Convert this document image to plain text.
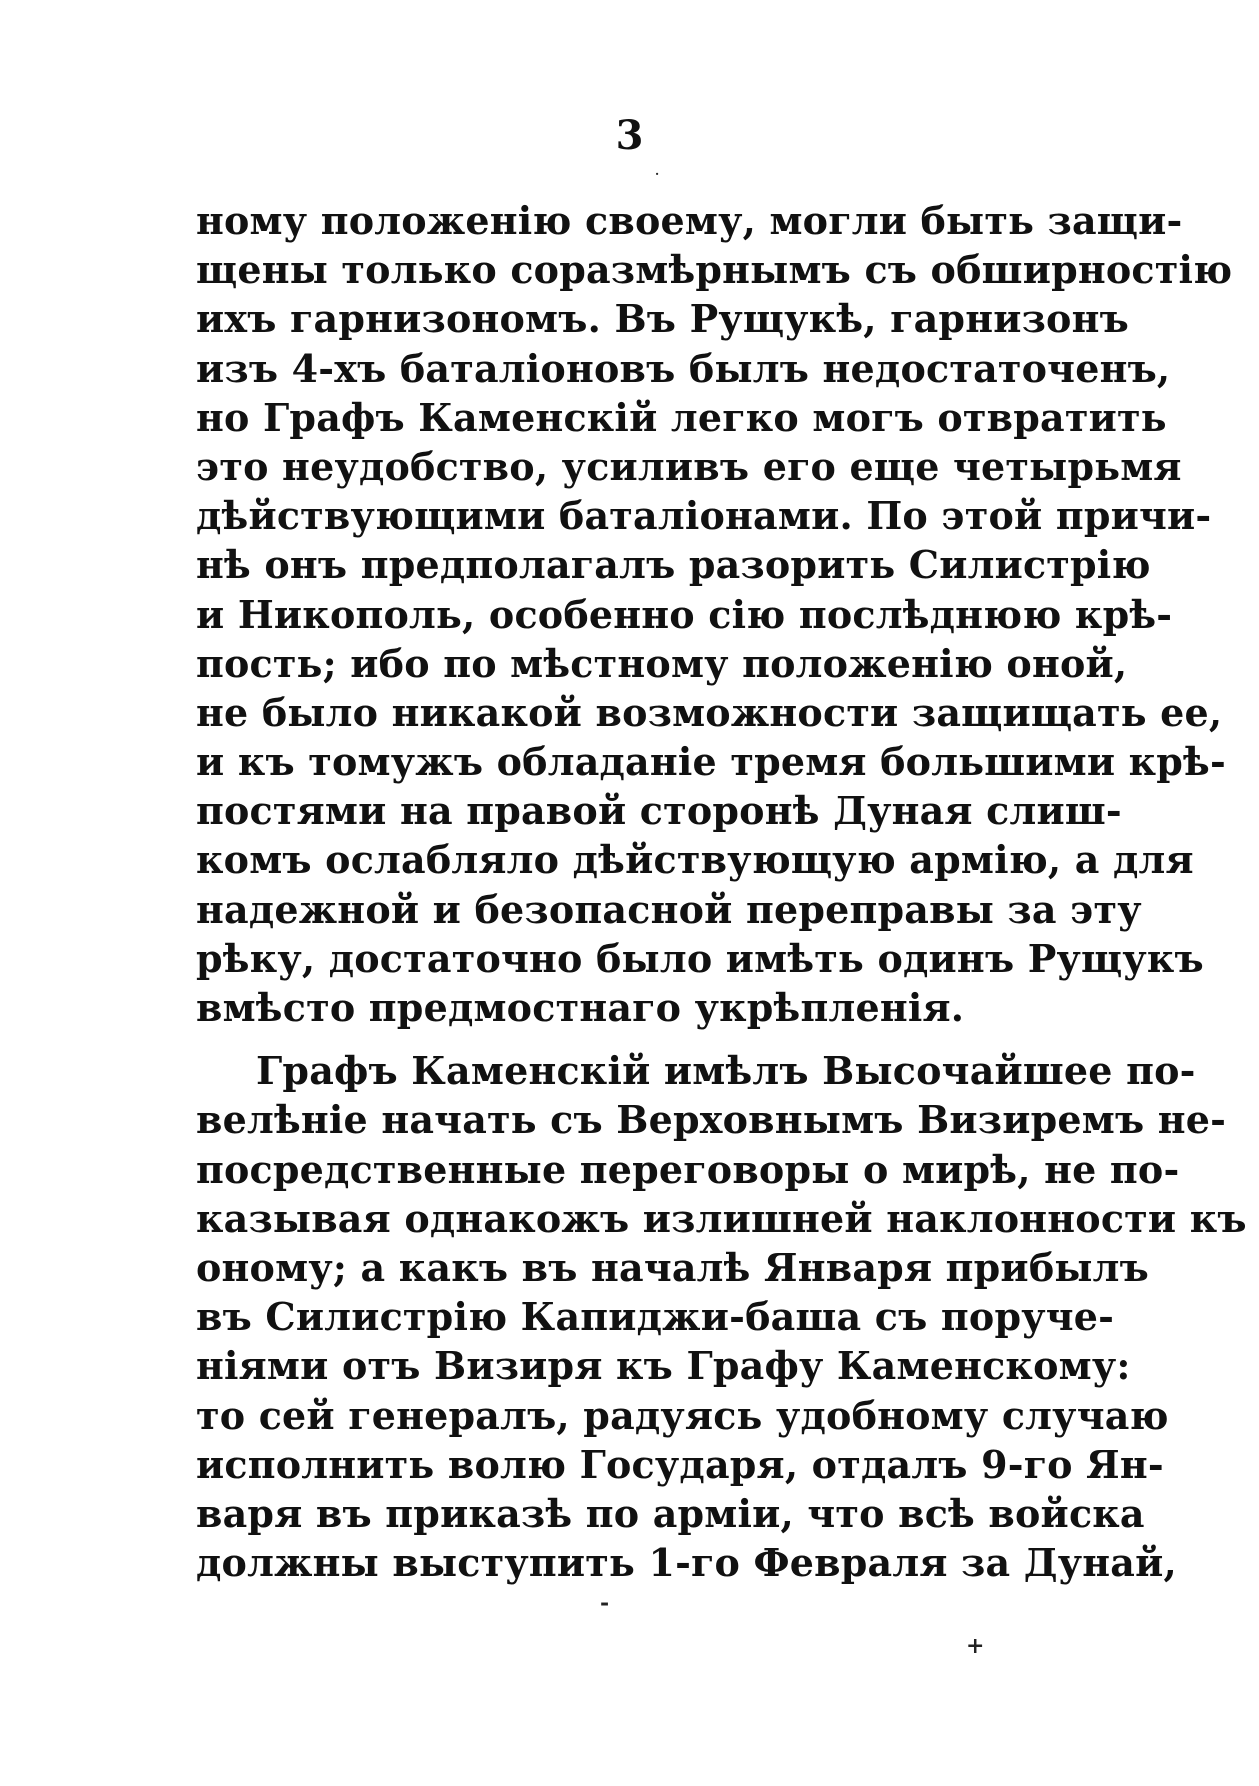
3
.
-
+
ному положенію своему, могли быть защи-
щены только соразмѣрнымъ съ обширностію
ихъ гарнизономъ. Въ Рущукѣ, гарнизонъ
изъ 4-хъ баталіоновъ былъ недостаточенъ,
но Графъ Каменскій легко могъ отвратить
это неудобство, усиливъ его еще четырьмя
дѣйствующими баталіонами. По этой причи-
нѣ онъ предполагалъ разорить Силистрію
и Никополь, особенно сію послѣднюю крѣ-
пость; ибо по мѣстному положенію оной,
не было никакой возможности защищать ее,
и къ томужъ обладаніе тремя большими крѣ-
постями на правой сторонѣ Дуная слиш-
комъ ослабляло дѣйствующую армію, а для
надежной и безопасной переправы за эту
рѣку, достаточно было имѣть одинъ Рущукъ
вмѣсто предмостнаго укрѣпленія.
Графъ Каменскій имѣлъ Высочайшее по-
велѣніе начать съ Верховнымъ Визиремъ не-
посредственные переговоры о мирѣ, не по-
казывая однакожъ излишней наклонности къ
оному; а какъ въ началѣ Января прибылъ
въ Силистрію Капиджи-баша съ поруче-
ніями отъ Визиря къ Графу Каменскому:
то сей генералъ, радуясь удобному случаю
исполнить волю Государя, отдалъ 9-го Ян-
варя въ приказѣ по арміи, что всѣ войска
должны выступить 1-го Февраля за Дунай,
